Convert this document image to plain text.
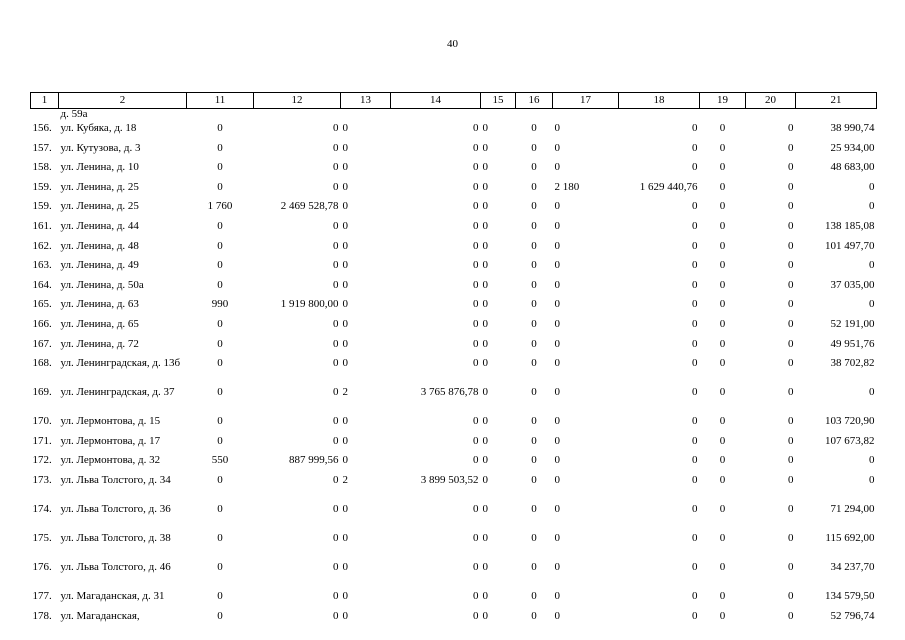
40
1	2	11	12	13	14	15	16	17	18	19	20	21
	д. 59а											
156.	ул. Кубяка, д. 18	0	0	0	0	0	0	0	0	0	0	38 990,74
157.	ул. Кутузова, д. 3	0	0	0	0	0	0	0	0	0	0	25 934,00
158.	ул. Ленина, д. 10	0	0	0	0	0	0	0	0	0	0	48 683,00
159.	ул. Ленина, д. 25	0	0	0	0	0	0	2 180	1 629 440,76	0	0	0
159.	ул. Ленина, д. 25	1 760	2 469 528,78	0	0	0	0	0	0	0	0	0
161.	ул. Ленина, д. 44	0	0	0	0	0	0	0	0	0	0	138 185,08
162.	ул. Ленина, д. 48	0	0	0	0	0	0	0	0	0	0	101 497,70
163.	ул. Ленина, д. 49	0	0	0	0	0	0	0	0	0	0	0
164.	ул. Ленина, д. 50а	0	0	0	0	0	0	0	0	0	0	37 035,00
165.	ул. Ленина, д. 63	990	1 919 800,00	0	0	0	0	0	0	0	0	0
166.	ул. Ленина, д. 65	0	0	0	0	0	0	0	0	0	0	52 191,00
167.	ул. Ленина, д. 72	0	0	0	0	0	0	0	0	0	0	49 951,76
168.	ул. Ленинградская, д. 13б	0	0	0	0	0	0	0	0	0	0	38 702,82
169.	ул. Ленинградская, д. 37	0	0	2	3 765 876,78	0	0	0	0	0	0	0
170.	ул. Лермонтова, д. 15	0	0	0	0	0	0	0	0	0	0	103 720,90
171.	ул. Лермонтова, д. 17	0	0	0	0	0	0	0	0	0	0	107 673,82
172.	ул. Лермонтова, д. 32	550	887 999,56	0	0	0	0	0	0	0	0	0
173.	ул. Льва Толстого, д. 34	0	0	2	3 899 503,52	0	0	0	0	0	0	0
174.	ул. Льва Толстого, д. 36	0	0	0	0	0	0	0	0	0	0	71 294,00
175.	ул. Льва Толстого, д. 38	0	0	0	0	0	0	0	0	0	0	115 692,00
176.	ул. Льва Толстого, д. 46	0	0	0	0	0	0	0	0	0	0	34 237,70
177.	ул. Магаданская, д. 31	0	0	0	0	0	0	0	0	0	0	134 579,50
178.	ул. Магаданская,	0	0	0	0	0	0	0	0	0	0	52 796,74
